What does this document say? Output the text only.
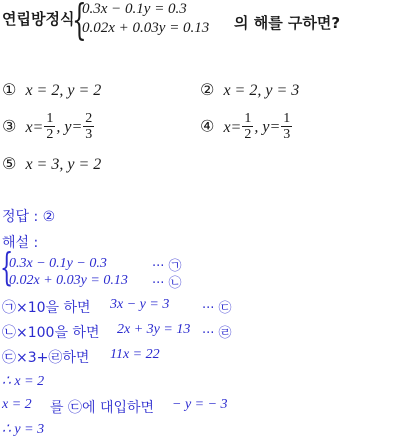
연립방정식
{
0.3x − 0.1y = 0.3
0.02x + 0.03y = 0.13 의 해를 구하면?
① x = 2, y = 2	② x = 2, y = 3
③ $x= \frac{1}{2}$ , $y= \frac{2}{3}$	④ $x= \frac{1}{2}$ , $y= \frac{1}{3}$
⑤ x = 3, y = 2
정답 : ②
해설 :
{
0.3x − 0.1y − 0.3	··· ㉠
0.02x + 0.03y = 0.13 ··· ㉡
㉠×10을 하면 3x − y = 3	··· ㉢
㉡×100을 하면 2x + 3y = 13 ··· ㉣
㉢×3+㉣하면 11x = 22
∴ x = 2
x = 2 를 ㉢에 대입하면 − y = − 3
∴ y = 3
